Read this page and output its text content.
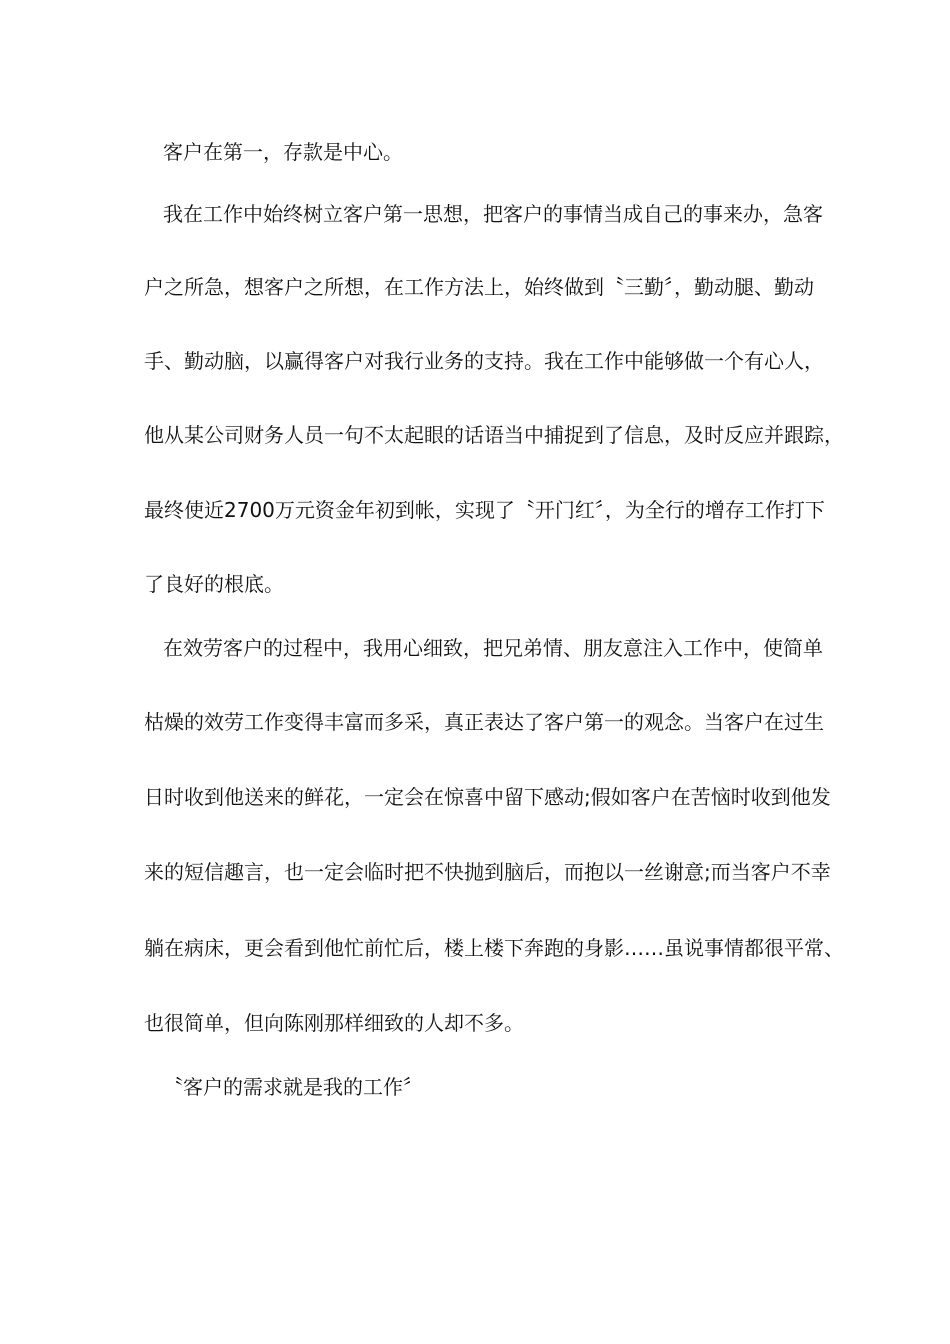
客户在第一，存款是中心。
我在工作中始终树立客户第一思想，把客户的事情当成自己的事来办，急客
户之所急，想客户之所想，在工作方法上，始终做到〝三勤〞，勤动腿、勤动
手、勤动脑，以赢得客户对我行业务的支持。我在工作中能够做一个有心人，
他从某公司财务人员一句不太起眼的话语当中捕捉到了信息，及时反应并跟踪，
最终使近2700万元资金年初到帐，实现了〝开门红〞，为全行的增存工作打下
了良好的根底。
在效劳客户的过程中，我用心细致，把兄弟情、朋友意注入工作中，使简单
枯燥的效劳工作变得丰富而多采，真正表达了客户第一的观念。当客户在过生
日时收到他送来的鲜花，一定会在惊喜中留下感动;假如客户在苦恼时收到他发
来的短信趣言，也一定会临时把不快抛到脑后，而抱以一丝谢意;而当客户不幸
躺在病床，更会看到他忙前忙后，楼上楼下奔跑的身影……虽说事情都很平常、
也很简单，但向陈刚那样细致的人却不多。
〝客户的需求就是我的工作〞
